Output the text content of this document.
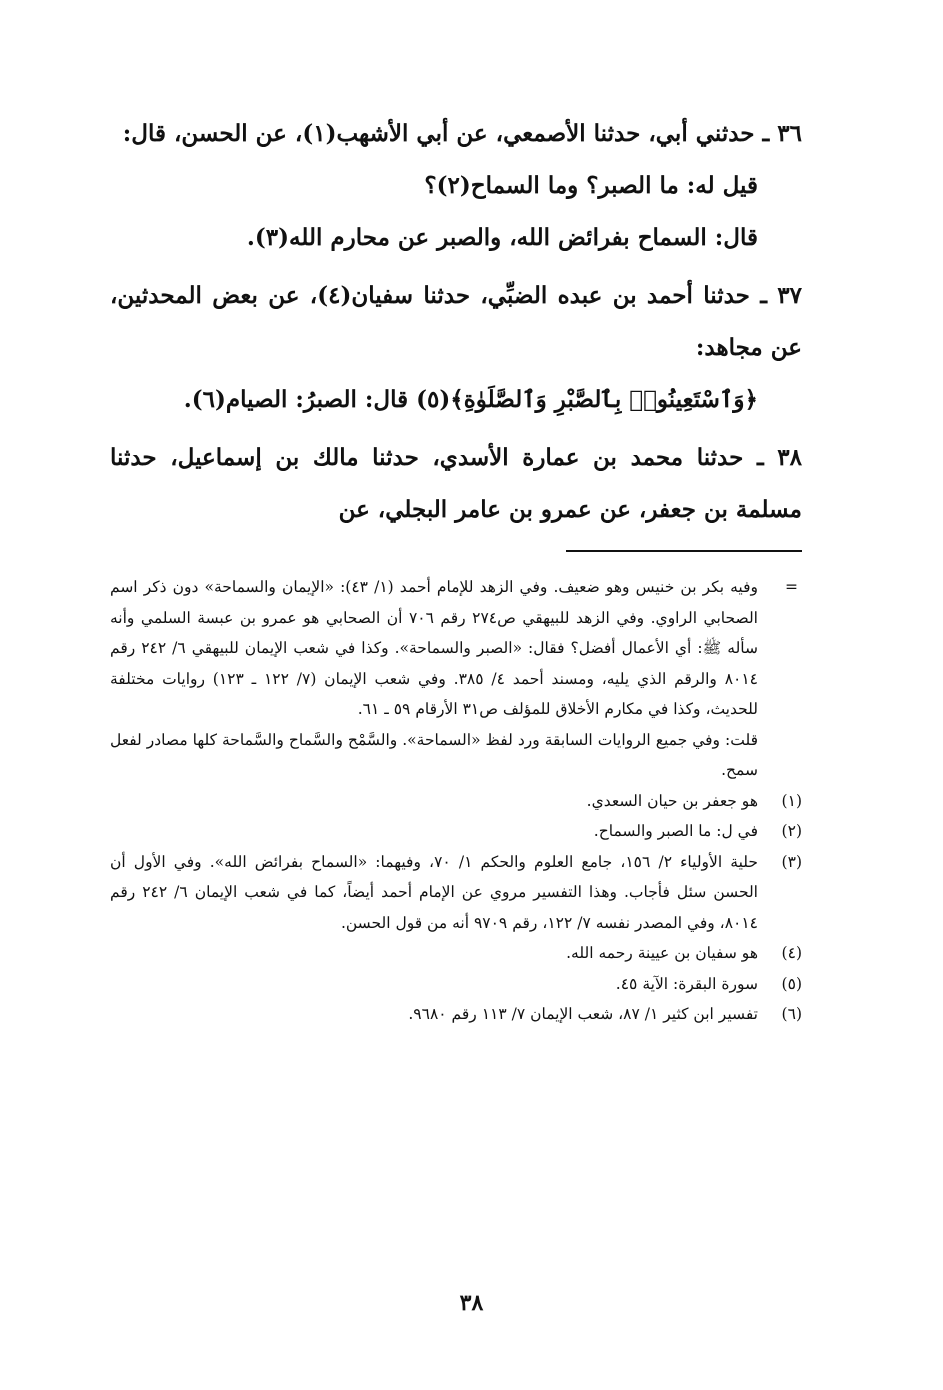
٣٦ ـ حدثني أبي، حدثنا الأصمعي، عن أبي الأشهب(١)، عن الحسن، قال:

قيل له: ما الصبر؟ وما السماح(٢)؟

قال: السماح بفرائض الله، والصبر عن محارم الله(٣).

٣٧ ـ حدثنا أحمد بن عبده الضبِّي، حدثنا سفيان(٤)، عن بعض المحدثين، عن مجاهد:

﴿وَٱسْتَعِينُوا۟ بِٱلصَّبْرِ وَٱلصَّلَوٰةِ﴾(٥) قال: الصبرُ: الصيام(٦).

٣٨ ـ حدثنا محمد بن عمارة الأسدي، حدثنا مالك بن إسماعيل، حدثنا مسلمة بن جعفر، عن عمرو بن عامر البجلي، عن

=
وفيه بكر بن خنيس وهو ضعيف. وفي الزهد للإمام أحمد (١/ ٤٣): «الإيمان والسماحة» دون ذكر اسم الصحابي الراوي. وفي الزهد للبيهقي ص٢٧٤ رقم ٧٠٦ أن الصحابي هو عمرو بن عبسة السلمي وأنه سأله ﷺ: أي الأعمال أفضل؟ فقال: «الصبر والسماحة». وكذا في شعب الإيمان للبيهقي ٦/ ٢٤٢ رقم ٨٠١٤ والرقم الذي يليه، ومسند أحمد ٤/ ٣٨٥. وفي شعب الإيمان (٧/ ١٢٢ ـ ١٢٣) روايات مختلفة للحديث، وكذا في مكارم الأخلاق للمؤلف ص٣١ الأرقام ٥٩ ـ ٦١.
قلت: وفي جميع الروايات السابقة ورد لفظ «السماحة». والسَّمْح والسَّماح والسَّماحة كلها مصادر لفعل سمح.
(١)
هو جعفر بن حيان السعدي.
(٢)
في ل: ما الصبر والسماح.
(٣)
حلية الأولياء ٢/ ١٥٦، جامع العلوم والحكم ١/ ٧٠، وفيهما: «السماح بفرائض الله». وفي الأول أن الحسن سئل فأجاب. وهذا التفسير مروي عن الإمام أحمد أيضاً، كما في شعب الإيمان ٦/ ٢٤٢ رقم ٨٠١٤، وفي المصدر نفسه ٧/ ١٢٢، رقم ٩٧٠٩ أنه من قول الحسن.
(٤)
هو سفيان بن عيينة رحمه الله.
(٥)
سورة البقرة: الآية ٤٥.
(٦)
تفسير ابن كثير ١/ ٨٧، شعب الإيمان ٧/ ١١٣ رقم ٩٦٨٠.
٣٨
